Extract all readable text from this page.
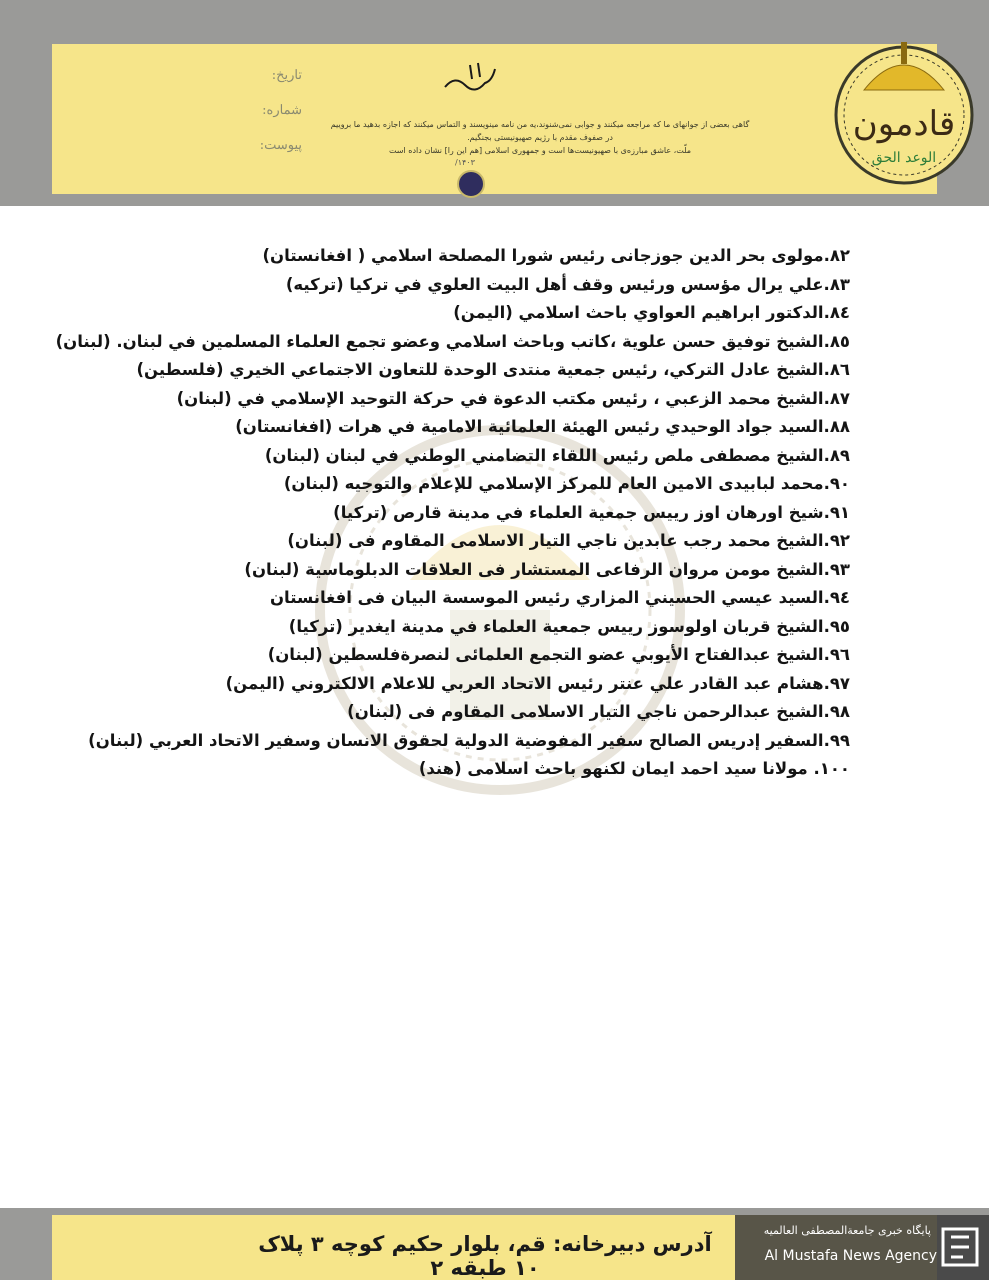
تاریخ:
شماره:
پیوست:
گاهی بعضی از جوانهای ما که مراجعه میکنند و جوابی نمی‌شنوند،یه من نامه مینویسند و التماس میکنند که اجازه بدهید ما بروییم در صفوف مقدم با رژیم صهیونیستی بجنگیم.
ملّت، عاشق مبارزه‌ی با صهیونیست‌ها است و جمهوری اسلامی [هم این را] نشان داده است
۱۴۰۳/
قادمون
الوعد الحق
٨٢.مولوى بحر الدين جوزجانى رئيس شورا المصلحة اسلامي ( افغانستان)
٨٣.علي يرال مؤسس ورئيس وقف أهل البيت العلوي في تركيا (تركيه)
٨٤.الدكتور ابراهيم العواوي باحث اسلامي (اليمن)
٨٥.الشيخ توفيق حسن علوية ،كاتب وباحث اسلامي وعضو تجمع العلماء المسلمين في لبنان. (لبنان)
٨٦.الشيخ عادل التركي، رئيس جمعية منتدى الوحدة للتعاون الاجتماعي الخيري (فلسطين)
٨٧.الشيخ محمد الزعبي ، رئيس مكتب الدعوة في حركة التوحيد الإسلامي في (لبنان)
٨٨.السيد جواد الوحيدي رئيس الهيئة العلمائية الامامية في هرات (افغانستان)
٨٩.الشيخ مصطفى ملص رئيس اللقاء التضامني الوطني في لبنان (لبنان)
٩٠.محمد لبابيدى الامين العام للمركز الإسلامي للإعلام والتوجيه (لبنان)
٩١.شيخ اورهان اوز رييس جمعية العلماء في مدينة قارص (تركيا)
٩٢.الشيخ محمد رجب عابدين ناجي التيار الاسلامى المقاوم فى (لبنان)
٩٣.الشيخ مومن مروان الرفاعى المستشار فى العلاقات الدبلوماسية (لبنان)
٩٤.السيد عيسي الحسيني المزاري رئيس الموسسة البيان فى افغانستان
٩٥.الشيخ قربان اولوسوز رييس جمعية العلماء في مدينة ايغدير (تركيا)
٩٦.الشيخ عبدالفتاح الأيوبي عضو التجمع العلمائى لنصرةفلسطين (لبنان)
٩٧.هشام عبد القادر علي عنتر رئيس الاتحاد العربي للاعلام الالكتروني (اليمن)
٩٨.الشيخ عبدالرحمن ناجي التيار الاسلامى المقاوم فى (لبنان)
٩٩.السفير إدريس الصالح سفير المفوضية الدولية لحقوق الانسان وسفير الاتحاد العربي (لبنان)
١٠٠. مولانا سيد احمد ايمان لكنهو باحث اسلامى (هند)
آدرس دبیرخانه: قم، بلوار حکیم کوچه ۳ پلاک ۱۰ طبقه ۲
پایگاه خبری جامعةالمصطفی العالمیه
Al Mustafa News Agency
